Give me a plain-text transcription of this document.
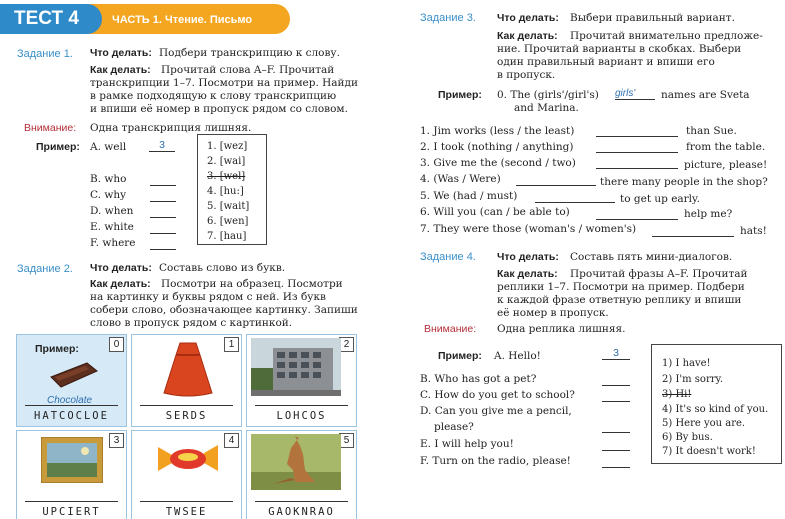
ТЕСТ 4	ЧАСТЬ 1. Чтение. Письмо
Задание 1. Что делать: Подбери транскрипцию к слову.
Как делать: Прочитай слова A–F. Прочитай
транскрипции 1–7. Посмотри на пример. Найди
в рамке подходящую к слову транскрипцию
и впиши её номер в пропуск рядом со словом.
Внимание: Одна транскрипция лишняя.
Пример: A. well	3
B. who
C. why
D. when
E. white
F. where
1. [wez]
2. [wai]
3. [wel]
4. [hu:]
5. [wait]
6. [wen]
7. [hau]
Задание 2. Что делать: Составь слово из букв.
Как делать: Посмотри на образец. Посмотри
на картинку и буквы рядом с ней. Из букв
собери слово, обозначающее картинку. Запиши
слово в пропуск рядом с картинкой.
Пример:	0
Chocolate
HATCOCLOE
1
SERDS
2
LOHCOS
3
UPCIERT
4
TWSEE
5
GAOKNRAO
Задание 3. Что делать: Выбери правильный вариант.
Как делать: Прочитай внимательно предложе-
ние. Прочитай варианты в скобках. Выбери
один правильный вариант и впиши его
в пропуск.
Пример: 0. The (girls'/girl's) girls'	names are Sveta
and Marina.
1. Jim works (less / the least)	than Sue.
2. I took (nothing / anything)	from the table.
3. Give me the (second / two)	picture, please!
4. (Was / Were)	there many people in the shop?
5. We (had / must)	to get up early.
6. Will you (can / be able to)	help me?
7. They were those (woman's / women's)	hats!
Задание 4. Что делать: Составь пять мини-диалогов.
Как делать: Прочитай фразы A–F. Прочитай
реплики 1–7. Посмотри на пример. Подбери
к каждой фразе ответную реплику и впиши
её номер в пропуск.
Внимание: Одна реплика лишняя.
Пример: A. Hello!	3
B. Who has got a pet?
C. How do you get to school?
D. Can you give me a pencil,
please?
E. I will help you!
F. Turn on the radio, please!
1) I have!
2) I'm sorry.
3) Hi!
4) It's so kind of you.
5) Here you are.
6) By bus.
7) It doesn't work!
